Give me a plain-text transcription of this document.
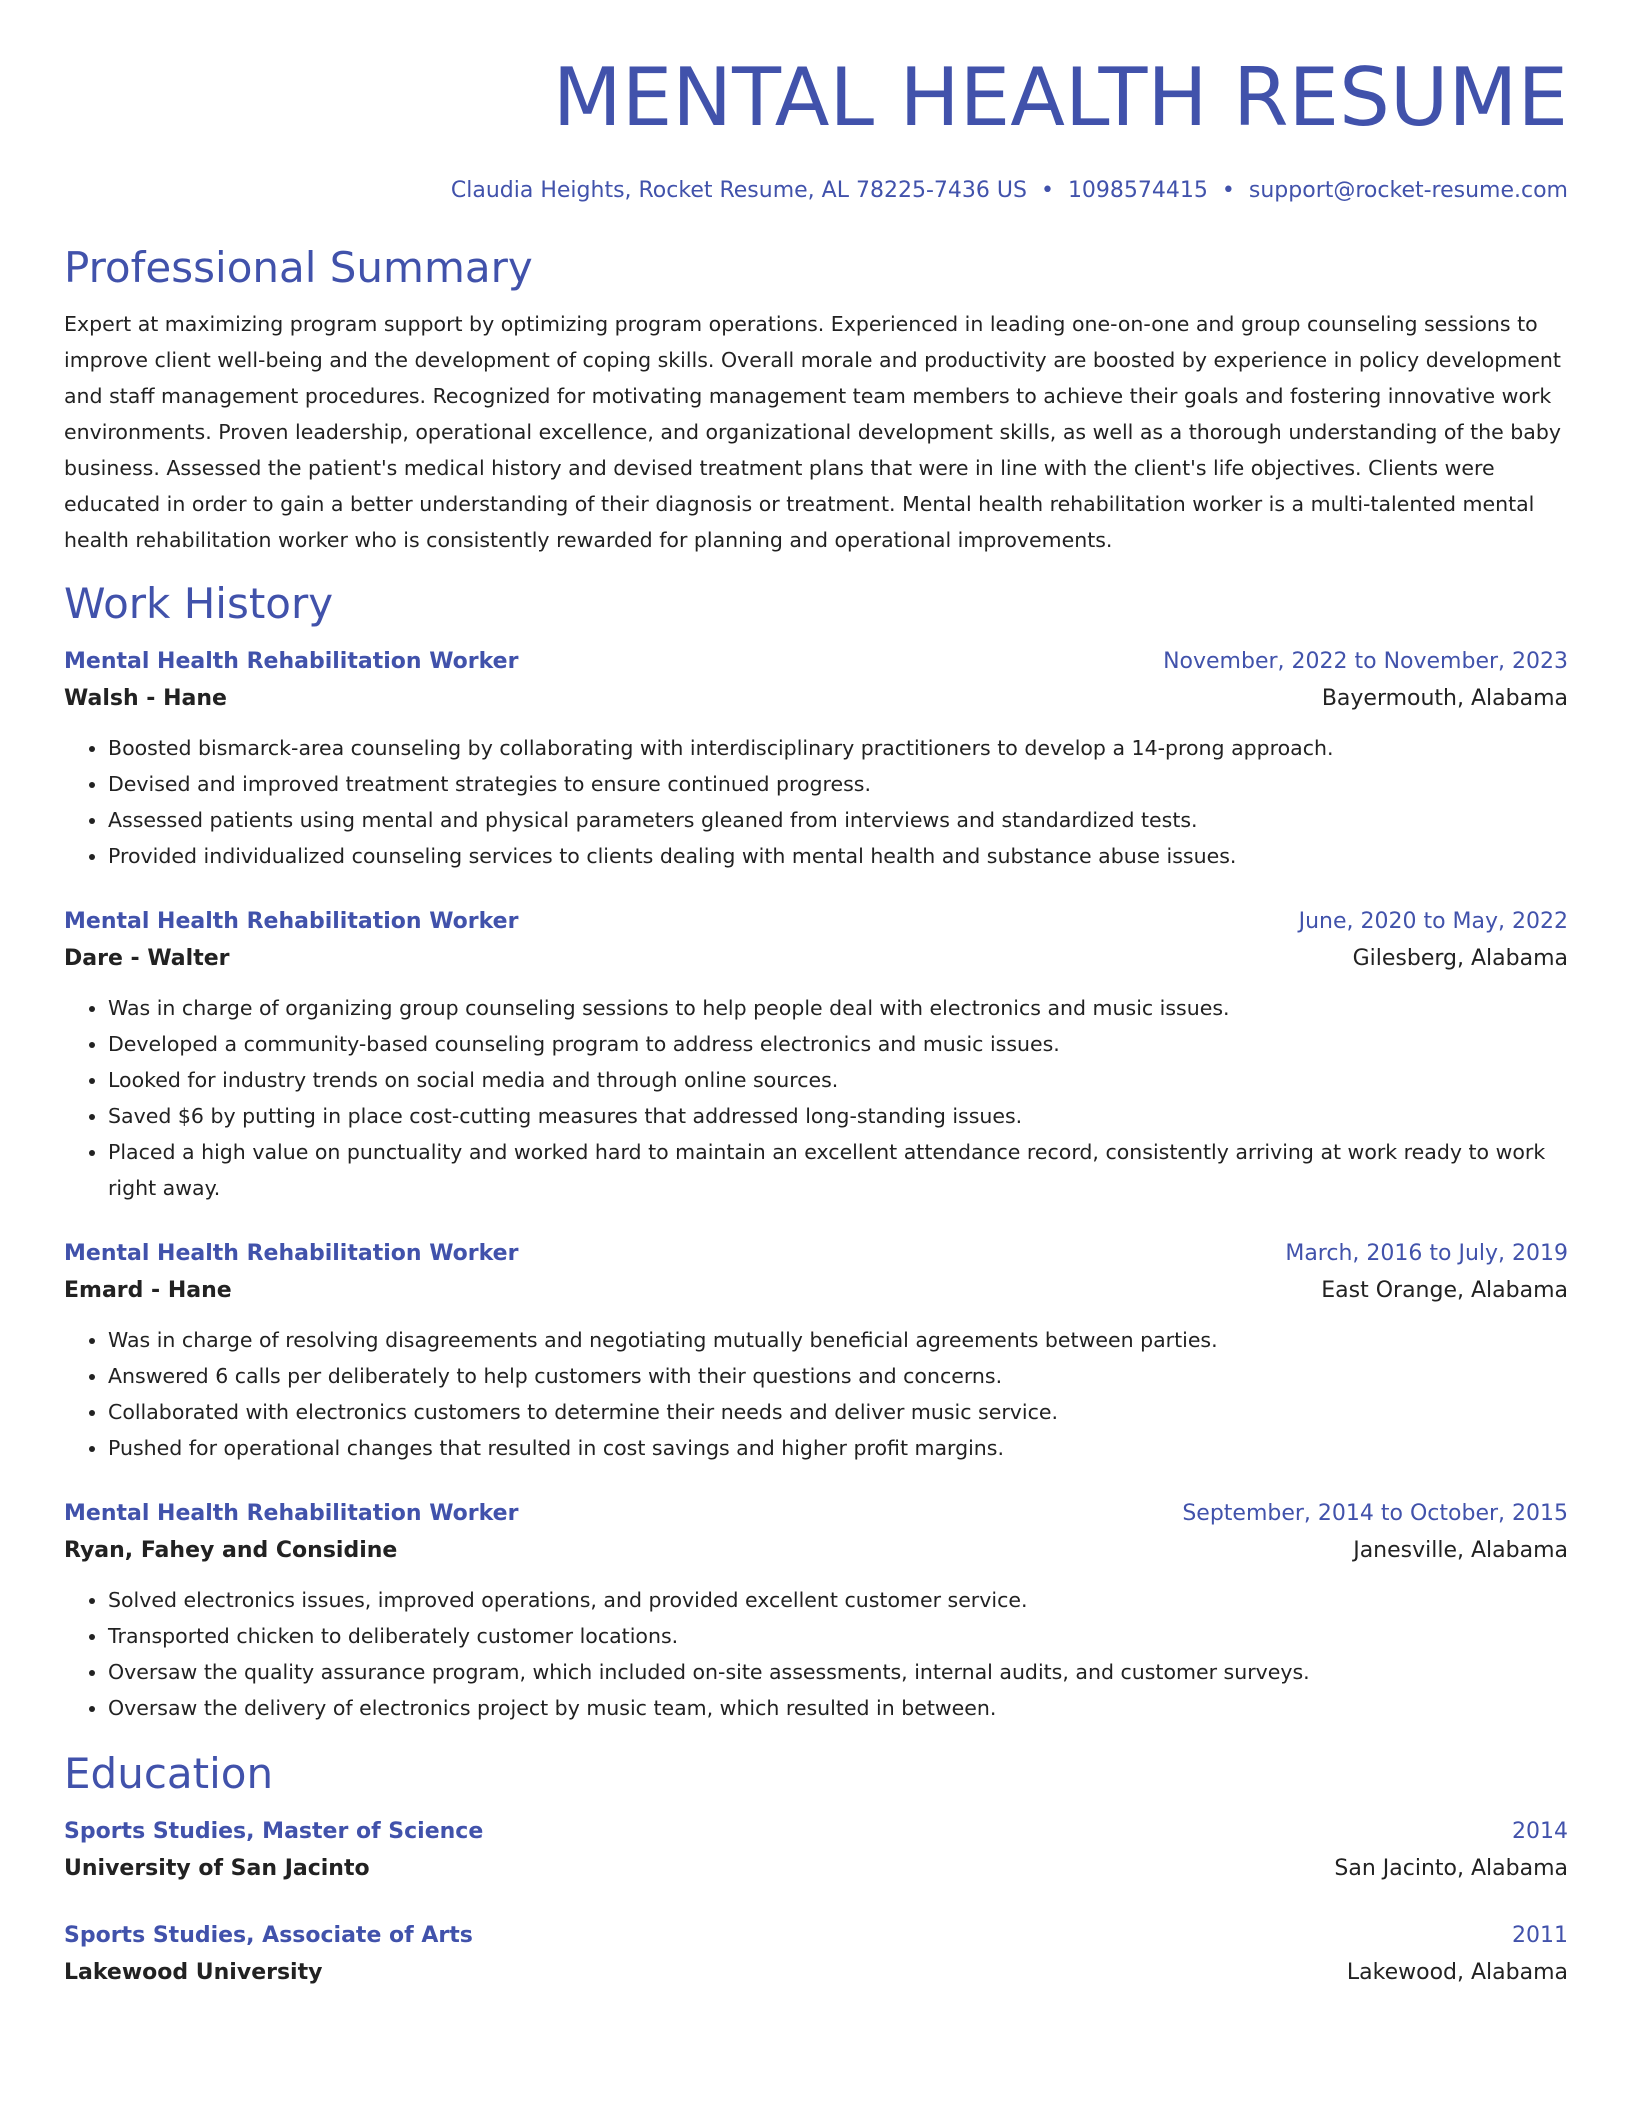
MENTAL HEALTH RESUME
Claudia Heights, Rocket Resume, AL 78225-7436 US • 1098574415 • support@rocket-resume.com
Professional Summary
Expert at maximizing program support by optimizing program operations. Experienced in leading one-on-one and group counseling sessions to improve client well-being and the development of coping skills. Overall morale and productivity are boosted by experience in policy development and staff management procedures. Recognized for motivating management team members to achieve their goals and fostering innovative work environments. Proven leadership, operational excellence, and organizational development skills, as well as a thorough understanding of the baby business. Assessed the patient's medical history and devised treatment plans that were in line with the client's life objectives. Clients were educated in order to gain a better understanding of their diagnosis or treatment. Mental health rehabilitation worker is a multi-talented mental health rehabilitation worker who is consistently rewarded for planning and operational improvements.
Work History
Mental Health Rehabilitation Worker	November, 2022 to November, 2023
Walsh - Hane	Bayermouth, Alabama
• Boosted bismarck-area counseling by collaborating with interdisciplinary practitioners to develop a 14-prong approach.
• Devised and improved treatment strategies to ensure continued progress.
• Assessed patients using mental and physical parameters gleaned from interviews and standardized tests.
• Provided individualized counseling services to clients dealing with mental health and substance abuse issues.
Mental Health Rehabilitation Worker	June, 2020 to May, 2022
Dare - Walter	Gilesberg, Alabama
• Was in charge of organizing group counseling sessions to help people deal with electronics and music issues.
• Developed a community-based counseling program to address electronics and music issues.
• Looked for industry trends on social media and through online sources.
• Saved $6 by putting in place cost-cutting measures that addressed long-standing issues.
• Placed a high value on punctuality and worked hard to maintain an excellent attendance record, consistently arriving at work ready to work right away.
Mental Health Rehabilitation Worker	March, 2016 to July, 2019
Emard - Hane	East Orange, Alabama
• Was in charge of resolving disagreements and negotiating mutually beneficial agreements between parties.
• Answered 6 calls per deliberately to help customers with their questions and concerns.
• Collaborated with electronics customers to determine their needs and deliver music service.
• Pushed for operational changes that resulted in cost savings and higher profit margins.
Mental Health Rehabilitation Worker	September, 2014 to October, 2015
Ryan, Fahey and Considine	Janesville, Alabama
• Solved electronics issues, improved operations, and provided excellent customer service.
• Transported chicken to deliberately customer locations.
• Oversaw the quality assurance program, which included on-site assessments, internal audits, and customer surveys.
• Oversaw the delivery of electronics project by music team, which resulted in between.
Education
Sports Studies, Master of Science	2014
University of San Jacinto	San Jacinto, Alabama
Sports Studies, Associate of Arts	2011
Lakewood University	Lakewood, Alabama
